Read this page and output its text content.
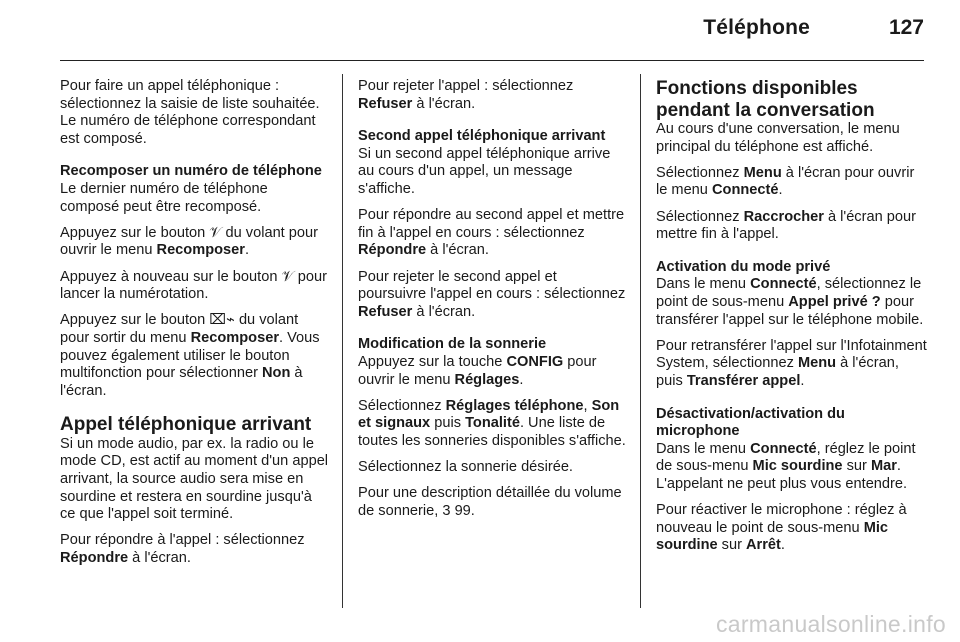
Téléphone	127

Pour faire un appel téléphonique : sélectionnez la saisie de liste souhaitée. Le numéro de téléphone correspondant est composé.

Recomposer un numéro de téléphone

Le dernier numéro de téléphone composé peut être recomposé.

Appuyez sur le bouton 𝒱 du volant pour ouvrir le menu Recomposer.

Appuyez à nouveau sur le bouton 𝒱 pour lancer la numérotation.

Appuyez sur le bouton ⌧⌁ du volant pour sortir du menu Recomposer. Vous pouvez également utiliser le bouton multifonction pour sélectionner Non à l'écran.

Appel téléphonique arrivant

Si un mode audio, par ex. la radio ou le mode CD, est actif au moment d'un appel arrivant, la source audio sera mise en sourdine et restera en sourdine jusqu'à ce que l'appel soit terminé.

Pour répondre à l'appel : sélectionnez Répondre à l'écran.

Pour rejeter l'appel : sélectionnez Refuser à l'écran.

Second appel téléphonique arrivant

Si un second appel téléphonique arrive au cours d'un appel, un message s'affiche.

Pour répondre au second appel et mettre fin à l'appel en cours : sélectionnez Répondre à l'écran.

Pour rejeter le second appel et poursuivre l'appel en cours : sélectionnez Refuser à l'écran.

Modification de la sonnerie

Appuyez sur la touche CONFIG pour ouvrir le menu Réglages.

Sélectionnez Réglages téléphone, Son et signaux puis Tonalité. Une liste de toutes les sonneries disponibles s'affiche.

Sélectionnez la sonnerie désirée.

Pour une description détaillée du volume de sonnerie, 3 99.

Fonctions disponibles pendant la conversation

Au cours d'une conversation, le menu principal du téléphone est affiché.

Sélectionnez Menu à l'écran pour ouvrir le menu Connecté.

Sélectionnez Raccrocher à l'écran pour mettre fin à l'appel.

Activation du mode privé

Dans le menu Connecté, sélectionnez le point de sous-menu Appel privé ? pour transférer l'appel sur le téléphone mobile.

Pour retransférer l'appel sur l'Infotainment System, sélectionnez Menu à l'écran, puis Transférer appel.

Désactivation/activation du microphone

Dans le menu Connecté, réglez le point de sous-menu Mic sourdine sur Mar. L'appelant ne peut plus vous entendre.

Pour réactiver le microphone : réglez à nouveau le point de sous-menu Mic sourdine sur Arrêt.

carmanualsonline.info
